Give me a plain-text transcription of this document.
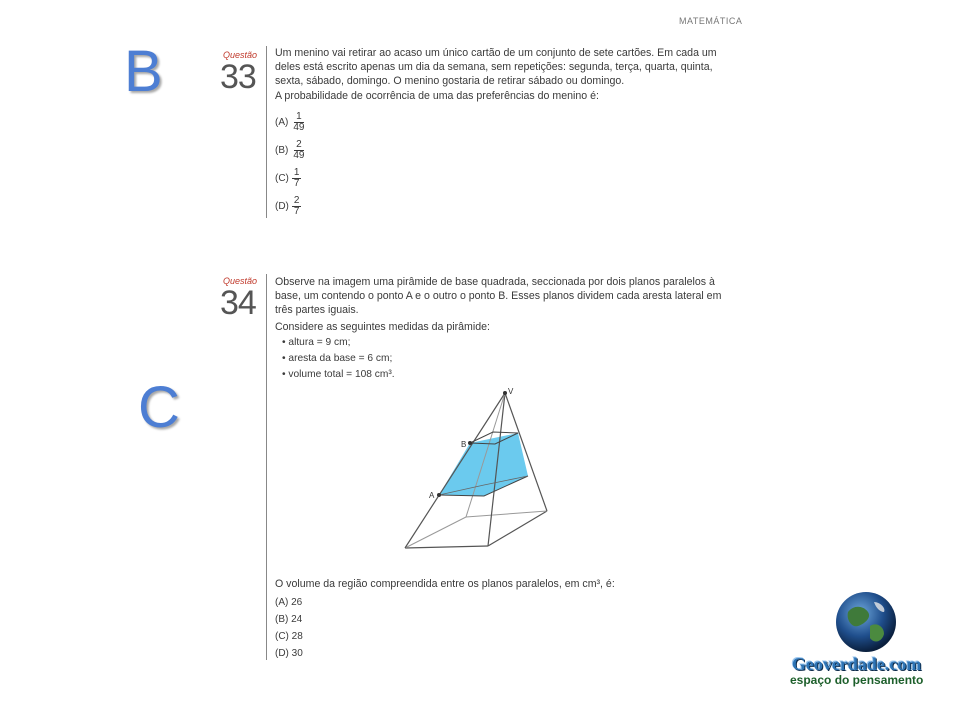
MATEMÁTICA
B
C
Questão
33
Um menino vai retirar ao acaso um único cartão de um conjunto de sete cartões. Em cada um
deles está escrito apenas um dia da semana, sem repetições: segunda, terça, quarta, quinta,
sexta, sábado, domingo. O menino gostaria de retirar sábado ou domingo.
A probabilidade de ocorrência de uma das preferências do menino é:
$(A) \frac{1}{49}$
$(B) \frac{2}{49}$
$(C) \frac{1}{7}$
$(D) \frac{2}{7}$
Questão
34
Observe na imagem uma pirâmide de base quadrada, seccionada por dois planos paralelos à
base, um contendo o ponto A e o outro o ponto B. Esses planos dividem cada aresta lateral em
três partes iguais.
Considere as seguintes medidas da pirâmide:
• altura = 9 cm;
• aresta da base = 6 cm;
• volume total = 108 cm³.
V
B
A
O volume da região compreendida entre os planos paralelos, em cm³, é:
(A) 26
(B) 24
(C) 28
(D) 30
Geoverdade.com
espaço do pensamento
